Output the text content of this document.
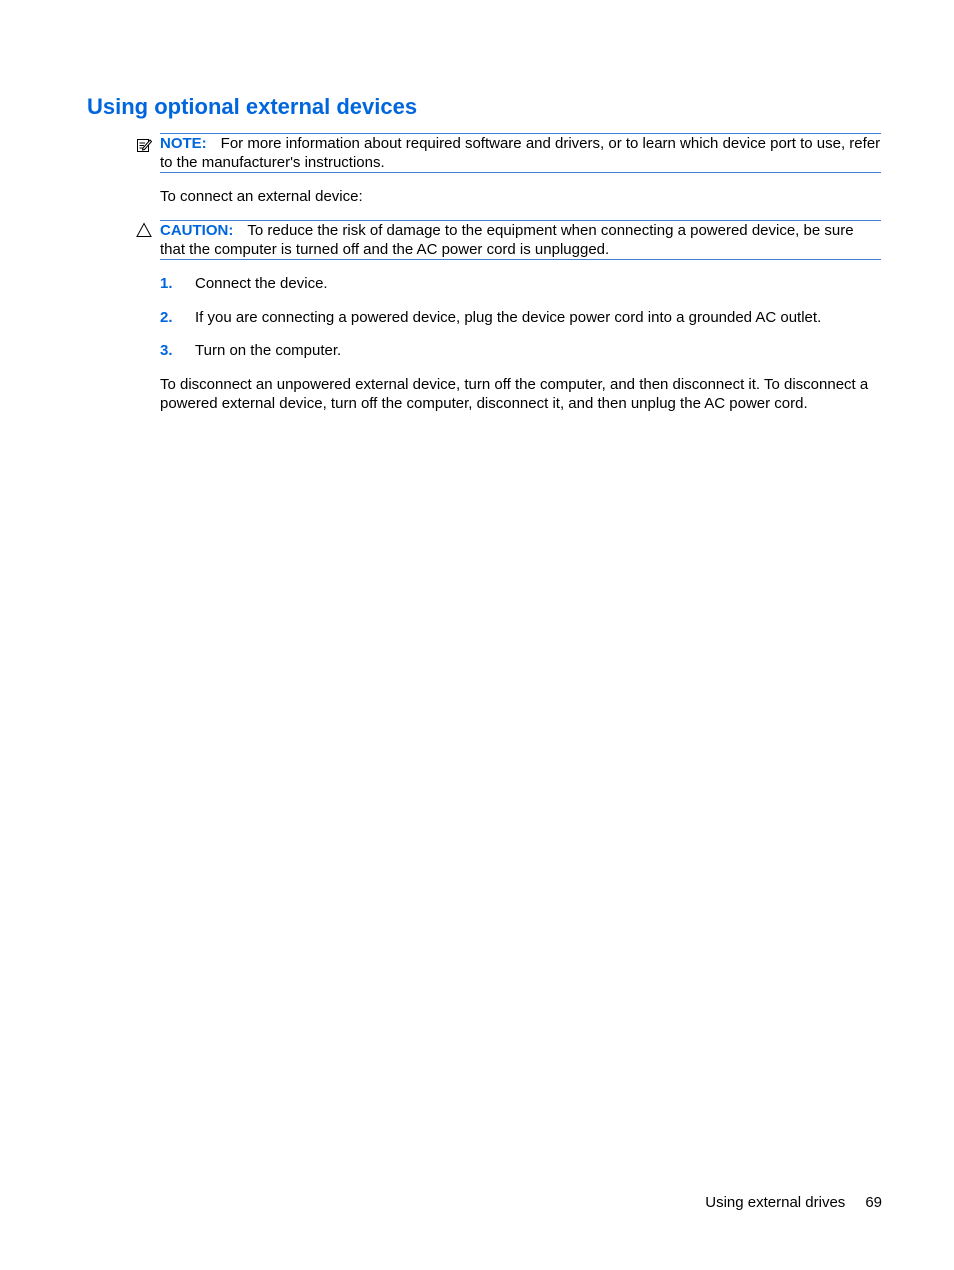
Using optional external devices
NOTE: For more information about required software and drivers, or to learn which device port to use, refer to the manufacturer's instructions.

To connect an external device:

CAUTION: To reduce the risk of damage to the equipment when connecting a powered device, be sure that the computer is turned off and the AC power cord is unplugged.
1. Connect the device.
2. If you are connecting a powered device, plug the device power cord into a grounded AC outlet.
3. Turn on the computer.

To disconnect an unpowered external device, turn off the computer, and then disconnect it. To disconnect a powered external device, turn off the computer, disconnect it, and then unplug the AC power cord.

Using external drives 69
